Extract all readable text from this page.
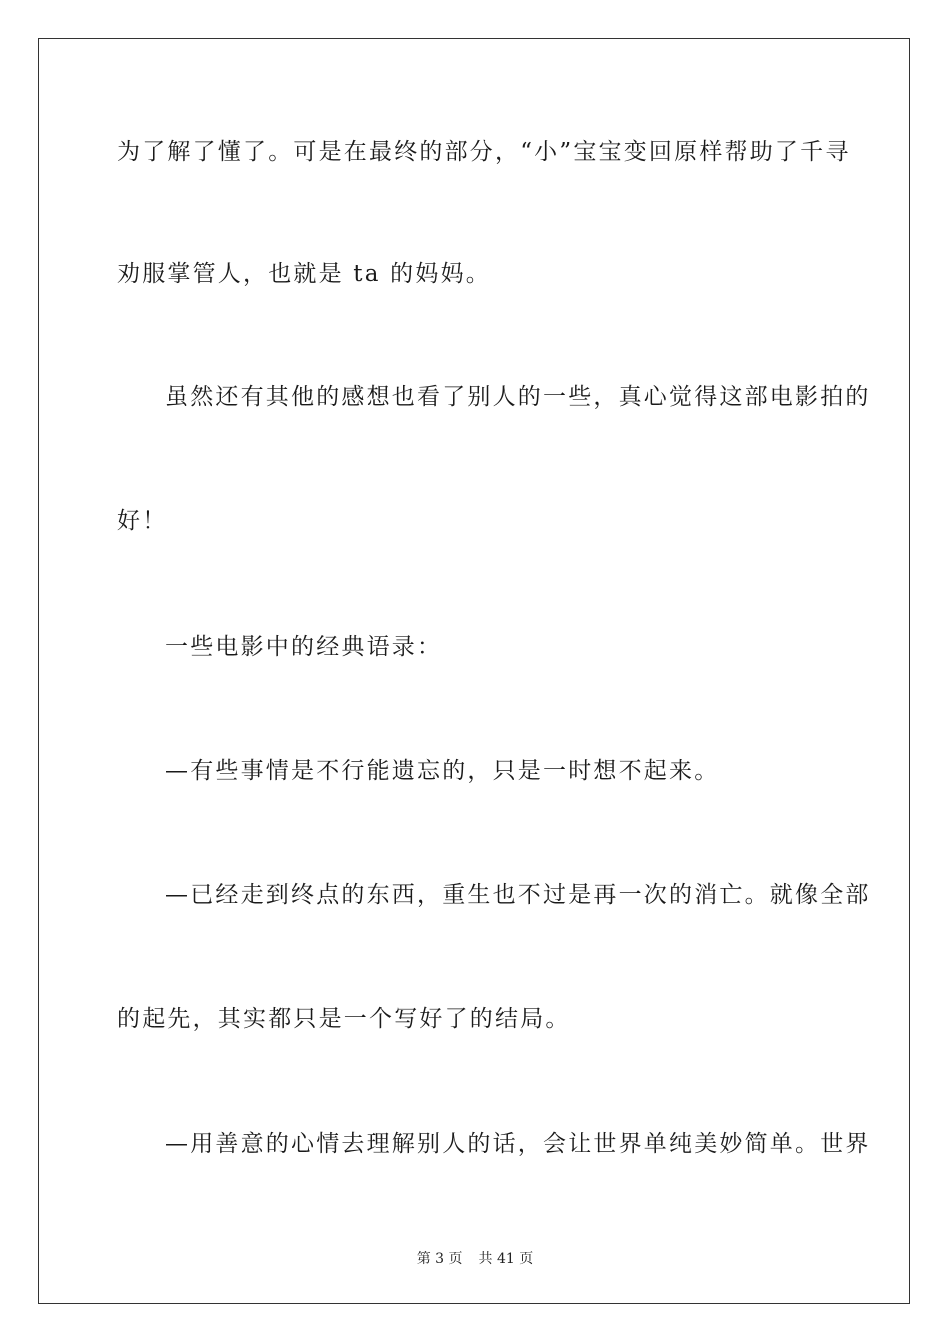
为了解了懂了。可是在最终的部分，“小”宝宝变回原样帮助了千寻
劝服掌管人，也就是 ta 的妈妈。
虽然还有其他的感想也看了别人的一些，真心觉得这部电影拍的
好！
一些电影中的经典语录：
—有些事情是不行能遗忘的，只是一时想不起来。
—已经走到终点的东西，重生也不过是再一次的消亡。就像全部
的起先，其实都只是一个写好了的结局。
—用善意的心情去理解别人的话，会让世界单纯美妙简单。世界
第 3 页 共 41 页
